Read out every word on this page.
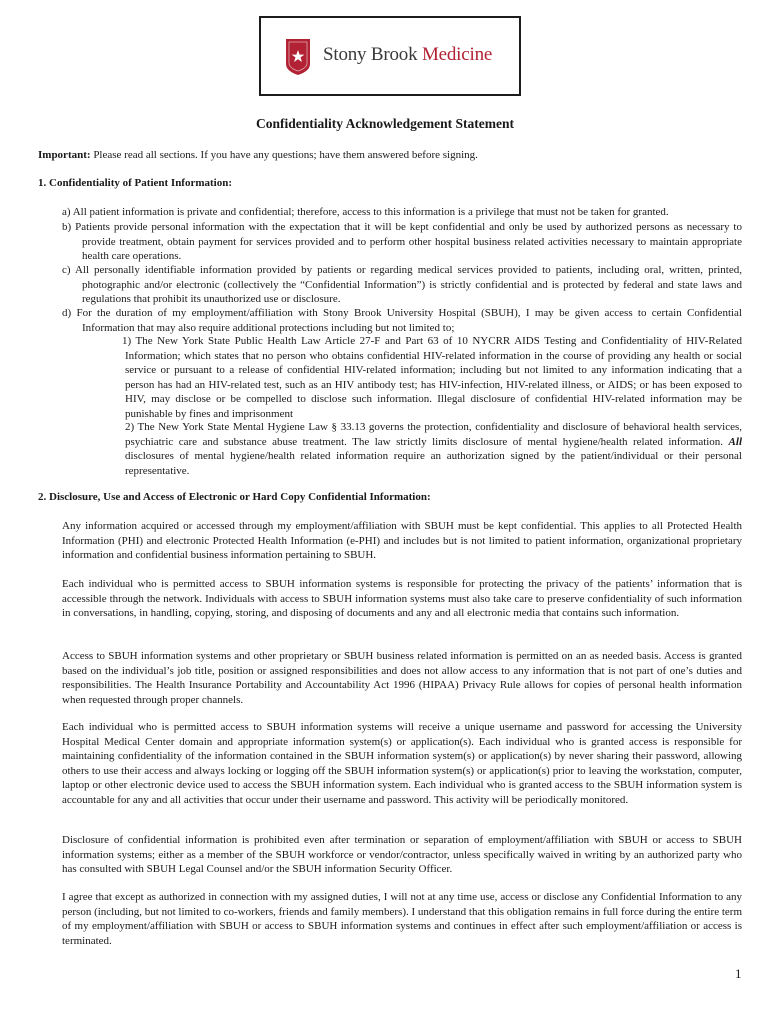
Stony Brook Medicine
Confidentiality Acknowledgement Statement

Important: Please read all sections. If you have any questions; have them answered before signing.

1. Confidentiality of Patient Information:

a) All patient information is private and confidential; therefore, access to this information is a privilege that must not be taken for granted.

b) Patients provide personal information with the expectation that it will be kept confidential and only be used by authorized persons as necessary to provide treatment, obtain payment for services provided and to perform other hospital business related activities necessary to maintain appropriate health care operations.

c) All personally identifiable information provided by patients or regarding medical services provided to patients, including oral, written, printed, photographic and/or electronic (collectively the “Confidential Information”) is strictly confidential and is protected by federal and state laws and regulations that prohibit its unauthorized use or disclosure.

d) For the duration of my employment/affiliation with Stony Brook University Hospital (SBUH), I may be given access to certain Confidential Information that may also require additional protections including but not limited to;

1) The New York State Public Health Law Article 27-F and Part 63 of 10 NYCRR AIDS Testing and Confidentiality of HIV-Related Information; which states that no person who obtains confidential HIV-related information in the course of providing any health or social service or pursuant to a release of confidential HIV-related information; including but not limited to any information indicating that a person has had an HIV-related test, such as an HIV antibody test; has HIV-infection, HIV-related illness, or AIDS; or has been exposed to HIV, may disclose or be compelled to disclose such information. Illegal disclosure of confidential HIV-related information may be punishable by fines and imprisonment

2) The New York State Mental Hygiene Law § 33.13 governs the protection, confidentiality and disclosure of behavioral health services, psychiatric care and substance abuse treatment. The law strictly limits disclosure of mental hygiene/health related information. All disclosures of mental hygiene/health related information require an authorization signed by the patient/individual or their personal representative.

2. Disclosure, Use and Access of Electronic or Hard Copy Confidential Information:

Any information acquired or accessed through my employment/affiliation with SBUH must be kept confidential. This applies to all Protected Health Information (PHI) and electronic Protected Health Information (e-PHI) and includes but is not limited to patient information, organizational proprietary information and confidential business information pertaining to SBUH.

Each individual who is permitted access to SBUH information systems is responsible for protecting the privacy of the patients’ information that is accessible through the network. Individuals with access to SBUH information systems must also take care to preserve confidentiality of such information in conversations, in handling, copying, storing, and disposing of documents and any and all electronic media that contains such information.

Access to SBUH information systems and other proprietary or SBUH business related information is permitted on an as needed basis. Access is granted based on the individual’s job title, position or assigned responsibilities and does not allow access to any information that is not part of one’s duties and responsibilities. The Health Insurance Portability and Accountability Act 1996 (HIPAA) Privacy Rule allows for copies of personal health information when requested through proper channels.

Each individual who is permitted access to SBUH information systems will receive a unique username and password for accessing the University Hospital Medical Center domain and appropriate information system(s) or application(s). Each individual who is granted access is responsible for maintaining confidentiality of the information contained in the SBUH information system(s) or application(s) by never sharing their password, allowing others to use their access and always locking or logging off the SBUH information system(s) or application(s) prior to leaving the workstation, computer, laptop or other electronic device used to access the SBUH information system. Each individual who is granted access to the SBUH information system is accountable for any and all activities that occur under their username and password. This activity will be periodically monitored.

Disclosure of confidential information is prohibited even after termination or separation of employment/affiliation with SBUH or access to SBUH information systems; either as a member of the SBUH workforce or vendor/contractor, unless specifically waived in writing by an authorized party who has consulted with SBUH Legal Counsel and/or the SBUH information Security Officer.

I agree that except as authorized in connection with my assigned duties, I will not at any time use, access or disclose any Confidential Information to any person (including, but not limited to co-workers, friends and family members). I understand that this obligation remains in full force during the entire term of my employment/affiliation with SBUH or access to SBUH information systems and continues in effect after such employment/affiliation or access is terminated.

1
